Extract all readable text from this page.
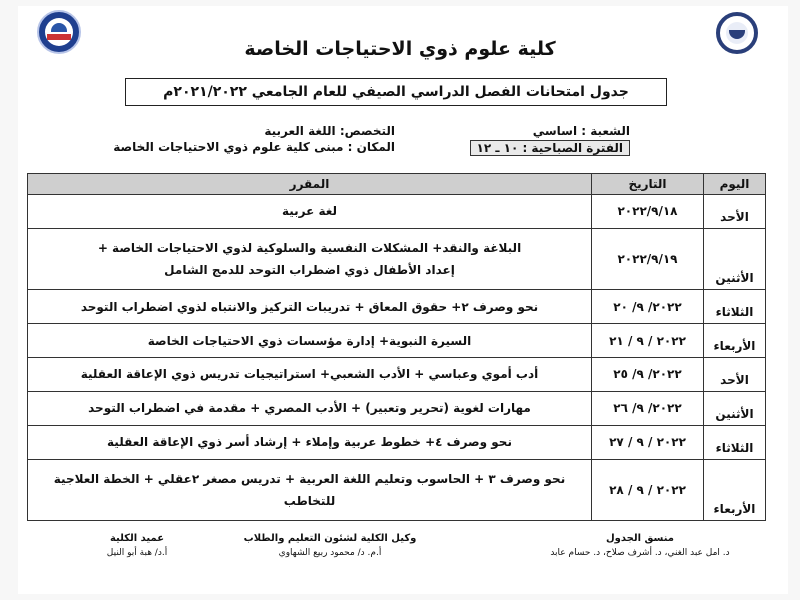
كلية علوم ذوي الاحتياجات الخاصة
جدول امتحانات الفصل الدراسي الصيفي للعام الجامعي ٢٠٢١/٢٠٢٢م
الشعبة : اساسي
الفترة الصباحية : ١٠ ـ ١٢
التخصص: اللغة العربية
المكان : مبنى كلية علوم ذوي الاحتياجات الخاصة
اليوم	التاريخ	المقرر
الأحد	٢٠٢٢/٩/١٨	لغة عربية

الأثنين	٢٠٢٢/٩/١٩	البلاغة والنقد+ المشكلات النفسية والسلوكية لذوي الاحتياجات الخاصة +
إعداد الأطفال ذوي اضطراب التوحد للدمج الشامل

الثلاثاء	٢٠٢٢/ ٩/ ٢٠	نحو وصرف ٢+ حقوق المعاق + تدريبات التركيز والانتباه لذوي اضطراب التوحد

الأربعاء	٢٠٢٢ / ٩ / ٢١	السيرة النبوية+ إدارة مؤسسات ذوي الاحتياجات الخاصة

الأحد	٢٠٢٢/ ٩/ ٢٥	أدب أموي وعباسي + الأدب الشعبي+ استراتيجيات تدريس ذوي الإعاقة العقلية

الأثنين	٢٠٢٢/ ٩/ ٢٦	مهارات لغوية (تحرير وتعبير) + الأدب المصري + مقدمة في اضطراب التوحد

الثلاثاء	٢٠٢٢ / ٩ / ٢٧	نحو وصرف ٤+ خطوط عربية وإملاء + إرشاد أسر ذوي الإعاقة العقلية

الأربعاء	٢٠٢٢ / ٩ / ٢٨	نحو وصرف ٣ + الحاسوب وتعليم اللغة العربية + تدريس مصغر ٢عقلي + الخطة العلاجية للتخاطب
منسق الجدول
د. امل عبد الغني، د. أشرف صلاح، د. حسام عابد
وكيل الكلية لشئون التعليم والطلاب
أ.م. د/ محمود ربيع الشهاوي
عميد الكلية
أ.د/ هبة أبو النيل
